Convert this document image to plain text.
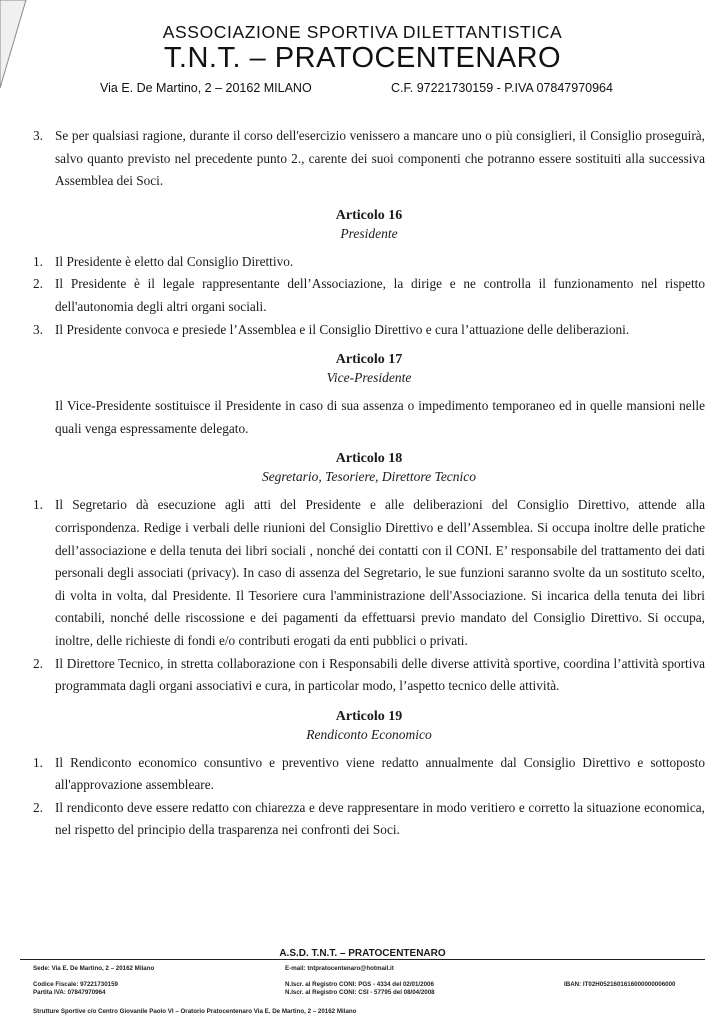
ASSOCIAZIONE SPORTIVA DILETTANTISTICA
T.N.T. – PRATOCENTENARO
Via E. De Martino, 2 – 20162 MILANO	C.F. 97221730159 - P.IVA 07847970964
3. Se per qualsiasi ragione, durante il corso dell'esercizio venissero a mancare uno o più consiglieri, il Consiglio proseguirà, salvo quanto previsto nel precedente punto 2., carente dei suoi componenti che potranno essere sostituiti alla successiva Assemblea dei Soci.
Articolo 16
Presidente
1. Il Presidente è eletto dal Consiglio Direttivo.
2. Il Presidente è il legale rappresentante dell’Associazione, la dirige e ne controlla il funzionamento nel rispetto dell'autonomia degli altri organi sociali.
3. Il Presidente convoca e presiede l’Assemblea e il Consiglio Direttivo e cura l’attuazione delle deliberazioni.
Articolo 17
Vice-Presidente
Il Vice-Presidente sostituisce il Presidente in caso di sua assenza o impedimento temporaneo ed in quelle mansioni nelle quali venga espressamente delegato.
Articolo 18
Segretario, Tesoriere, Direttore Tecnico
1. Il Segretario dà esecuzione agli atti del Presidente e alle deliberazioni del Consiglio Direttivo, attende alla corrispondenza. Redige i verbali delle riunioni del Consiglio Direttivo e dell’Assemblea. Si occupa inoltre delle pratiche dell’associazione e della tenuta dei libri sociali , nonché dei contatti con il CONI. E’ responsabile del trattamento dei dati personali degli associati (privacy). In caso di assenza del Segretario, le sue funzioni saranno svolte da un sostituto scelto, di volta in volta, dal Presidente. Il Tesoriere cura l'amministrazione dell'Associazione. Si incarica della tenuta dei libri contabili, nonché delle riscossione e dei pagamenti da effettuarsi previo mandato del Consiglio Direttivo. Si occupa, inoltre, delle richieste di fondi e/o contributi erogati da enti pubblici o privati.
2. Il Direttore Tecnico, in stretta collaborazione con i Responsabili delle diverse attività sportive, coordina l’attività sportiva programmata dagli organi associativi e cura, in particolar modo, l’aspetto tecnico delle attività.
Articolo 19
Rendiconto Economico
1. Il Rendiconto economico consuntivo e preventivo viene redatto annualmente dal Consiglio Direttivo e sottoposto all'approvazione assembleare.
2. Il rendiconto deve essere redatto con chiarezza e deve rappresentare in modo veritiero e corretto la situazione economica, nel rispetto del principio della trasparenza nei confronti dei Soci.
A.S.D. T.N.T. – PRATOCENTENARO
Sede: Via E. De Martino, 2 – 20162 Milano	E-mail: tntpratocentenaro@hotmail.it
Codice Fiscale: 97221730159
Partita IVA: 07847970964
N.Iscr. al Registro CONI: PGS - 4334 del 02/01/2006
N.Iscr. al Registro CONI: CSI - 57795 del 08/04/2008
IBAN: IT02H0521601616000000006000
Strutture Sportive c/o Centro Giovanile Paolo VI – Oratorio Pratocentenaro Via E. De Martino, 2 – 20162 Milano
